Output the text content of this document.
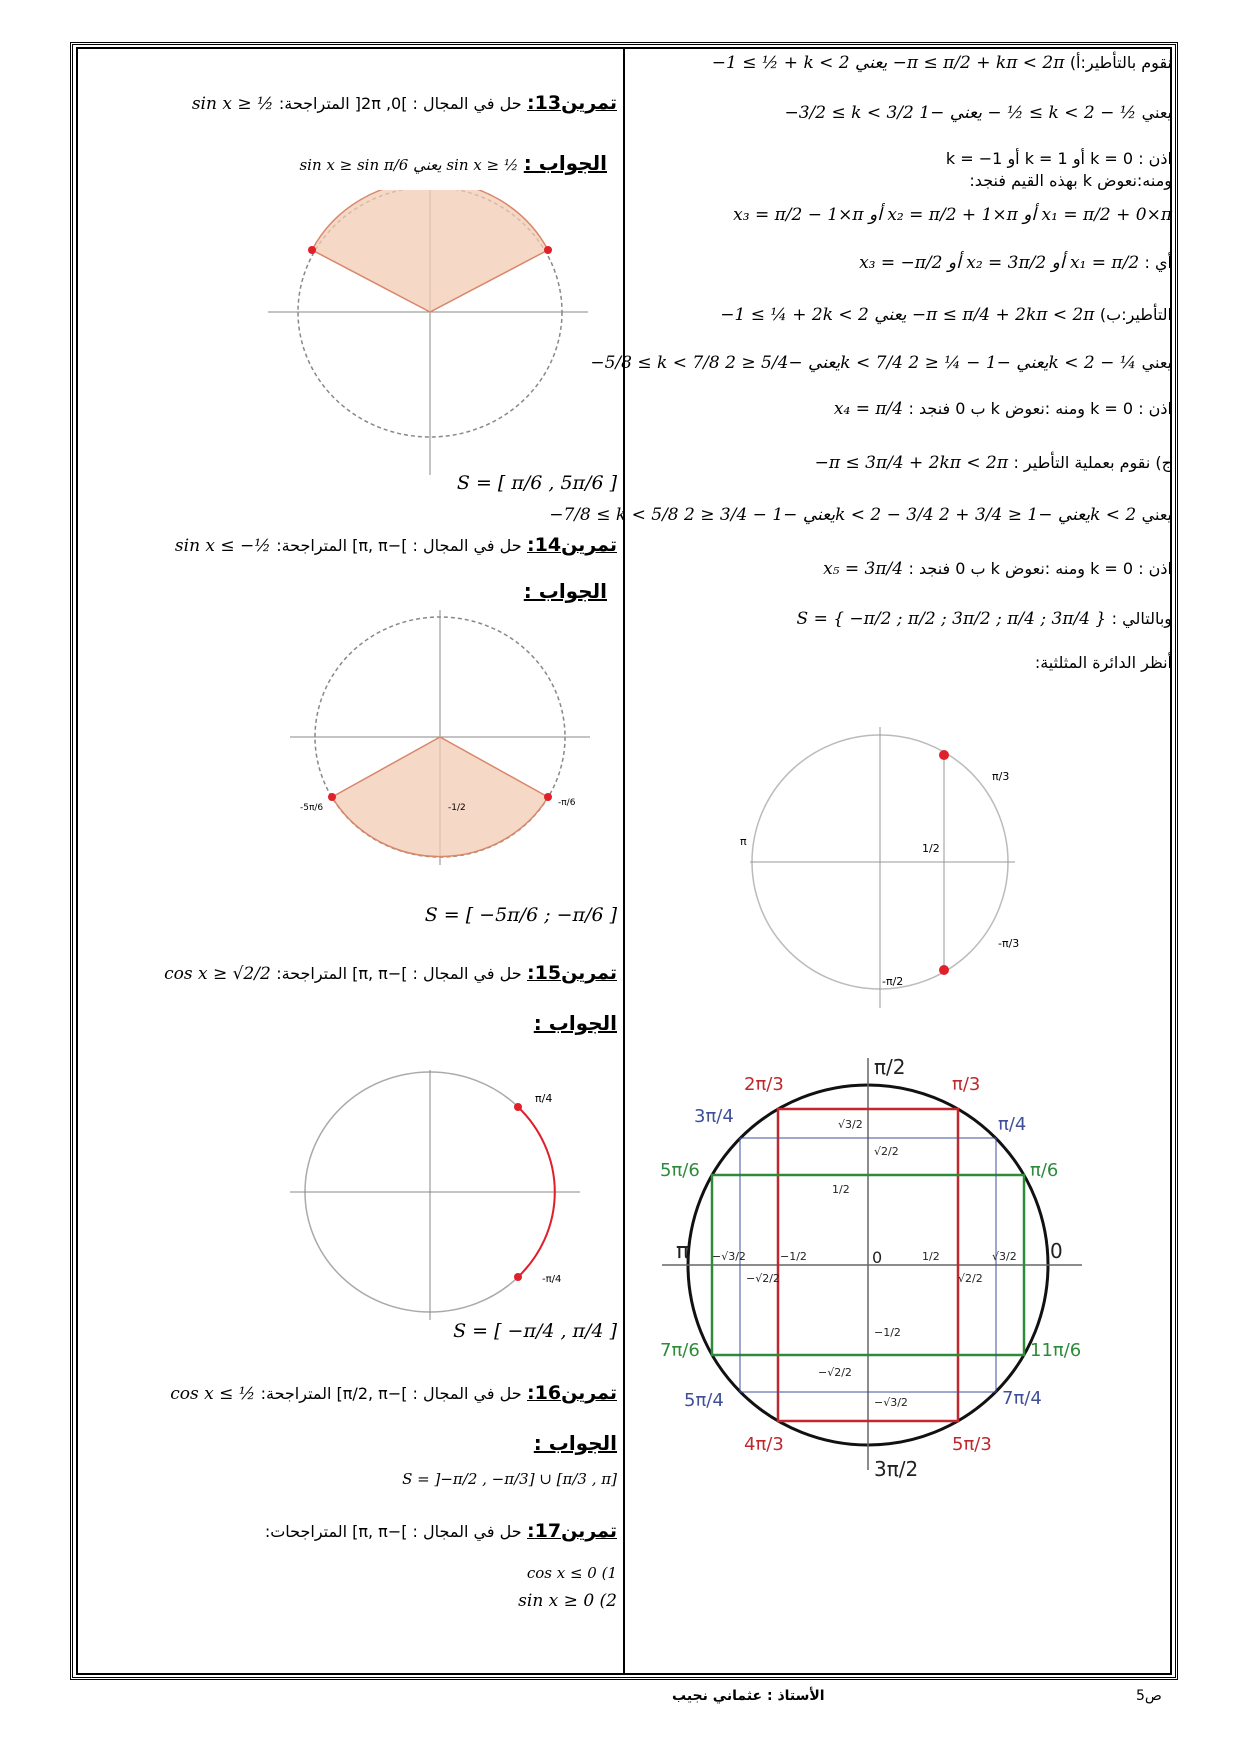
نقوم بالتأطير:أ) −1 ≤ ½ + k < 2 يعني −π ≤ π/2 + kπ < 2π
يعني −3/2 ≤ k < 3/2 يعني −1 − ½ ≤ k < 2 − ½
اذن : k = 0 أو k = 1 أو k = −1
ومنه:نعوض k بهذه القيم فنجد:
x₃ = π/2 − 1×π أو x₂ = π/2 + 1×π أو x₁ = π/2 + 0×π
أي : x₃ = −π/2 أو x₂ = 3π/2 أو x₁ = π/2
التأطير:ب) −1 ≤ ¼ + 2k < 2 يعني −π ≤ π/4 + 2kπ < 2π
يعني −5/8 ≤ k < 7/8 يعني −5/4 ≤ 2k < 7/4 يعني −1 − ¼ ≤ 2k < 2 − ¼
اذن : k = 0 ومنه :نعوض k ب 0 فنجد : x₄ = π/4
ج) نقوم بعملية التأطير : −π ≤ 3π/4 + 2kπ < 2π
يعني −7/8 ≤ k < 5/8 يعني −1 − 3/4 ≤ 2k < 2 − 3/4 يعني −1 ≤ 3/4 + 2k < 2
اذن : k = 0 ومنه :نعوض k ب 0 فنجد : x₅ = 3π/4
وبالتالي : S = { −π/2 ; π/2 ; 3π/2 ; π/4 ; 3π/4 }
أنظر الدائرة المثلثية:
π/3
-π/3
1/2
π
-π/2
π/2
2π/3	π/3
3π/4	π/4
5π/6	π/6
π	0
7π/6	11π/6
5π/4	7π/4
4π/3	5π/3
3π/2
√3/2
√2/2
1/2
−√3/2	−1/2	0	1/2	√3/2
−√2/2	√2/2
−1/2
−√2/2
−√3/2
تمرين13: حل في المجال : ]0, 2π[ المتراجحة: sin x ≥ ½
الجواب : sin x ≥ sin π/6 يعني sin x ≥ ½
S = [ π/6 , 5π/6 ]
تمرين14: حل في المجال : ]−π, π] المتراجحة: sin x ≤ −½
الجواب :
S = [ −5π/6 ; −π/6 ]
تمرين15: حل في المجال : ]−π, π] المتراجحة: cos x ≥ √2/2
الجواب :
S = [ −π/4 , π/4 ]
تمرين16: حل في المجال : ]−π/2, π] المتراجحة: cos x ≤ ½
الجواب :
S = ]−π/2 , −π/3] ∪ [π/3 , π]
تمرين17: حل في المجال : ]−π, π] المتراجحات:
cos x ≤ 0 (1
sin x ≥ 0 (2
-5π/6	-π/6
-1/2
π/4
-π/4
الأستاذ : عثماني نجيب	ص5
